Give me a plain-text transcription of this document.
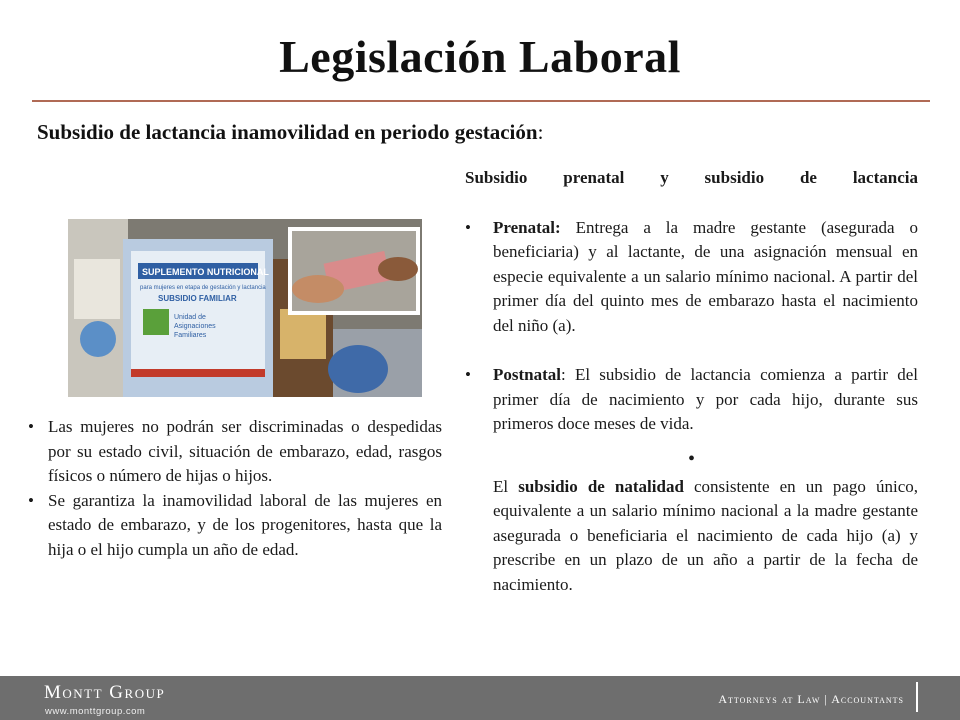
Legislación Laboral
Subsidio de lactancia inamovilidad en periodo gestación:
SUPLEMENTO NUTRICIONAL
para mujeres en etapa de gestación y lactancia
SUBSIDIO FAMILIAR
Unidad de
Asignaciones
Familiares
• Las mujeres no podrán ser discriminadas o despedidas por su estado civil, situación de embarazo, edad, rasgos físicos o número de hijas o hijos.
• Se garantiza la inamovilidad laboral de las mujeres en estado de embarazo, y de los progenitores, hasta que la hija o el hijo cumpla un año de edad.
Subsidio prenatal y subsidio de lactancia
• Prenatal: Entrega a la madre gestante (asegurada o beneficiaria) y al lactante, de una asignación mensual en especie equivalente a un salario mínimo nacional. A partir del primer día del quinto mes de embarazo hasta el nacimiento del niño (a).
• Postnatal: El subsidio de lactancia comienza a partir del primer día de nacimiento y por cada hijo, durante sus primeros doce meses de vida.
•
El subsidio de natalidad consistente en un pago único, equivalente a un salario mínimo nacional a la madre gestante asegurada o beneficiaria el nacimiento de cada hijo (a) y prescribe en un plazo de un año a partir de la fecha de nacimiento.
Montt Group
www.monttgroup.com
Attorneys at Law | Accountants
